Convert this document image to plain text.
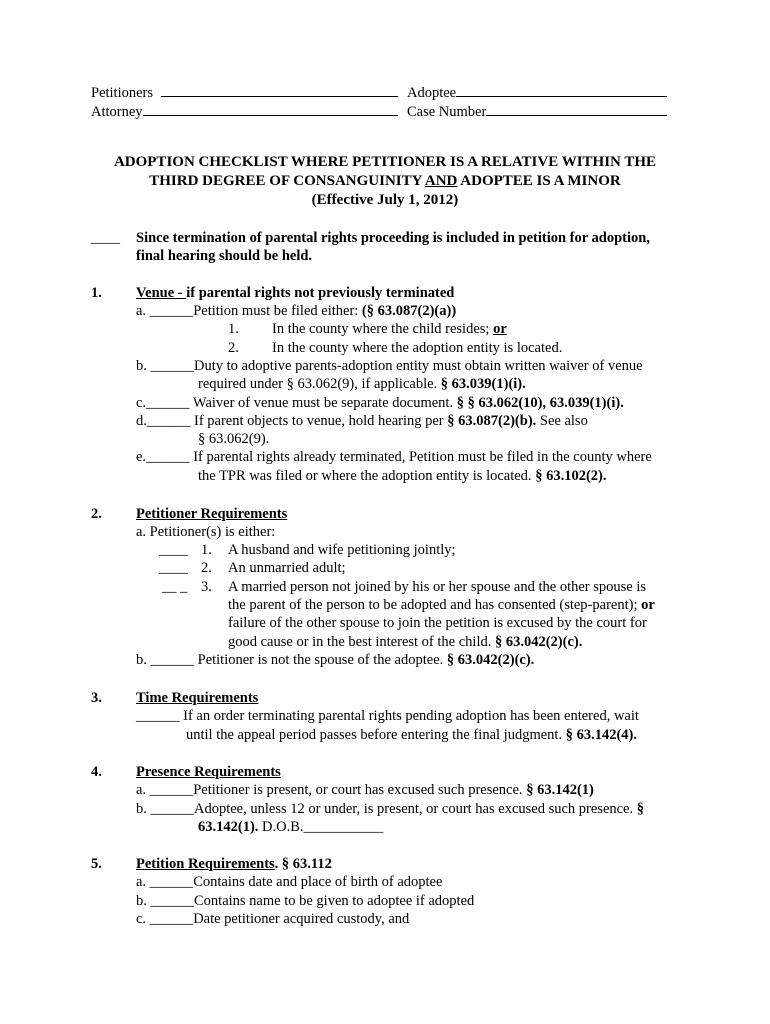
Petitioners	Adoptee
Attorney	Case Number
ADOPTION CHECKLIST WHERE PETITIONER IS A RELATIVE WITHIN THE
THIRD DEGREE OF CONSANGUINITY AND ADOPTEE IS A MINOR
(Effective July 1, 2012)
____ Since termination of parental rights proceeding is included in petition for adoption,
final hearing should be held.
1. Venue - if parental rights not previously terminated
a. ______Petition must be filed either: (§ 63.087(2)(a))
1. In the county where the child resides; or
2. In the county where the adoption entity is located.
b. ______Duty to adoptive parents-adoption entity must obtain written waiver of venue
required under § 63.062(9), if applicable. § 63.039(1)(i).
c.______ Waiver of venue must be separate document. § § 63.062(10), 63.039(1)(i).
d.______ If parent objects to venue, hold hearing per § 63.087(2)(b). See also
§ 63.062(9).
e.______ If parental rights already terminated, Petition must be filed in the county where
the TPR was filed or where the adoption entity is located. § 63.102(2).
2. Petitioner Requirements
a. Petitioner(s) is either:
____ 1. A husband and wife petitioning jointly;
____ 2. An unmarried adult;
__ _ 3. A married person not joined by his or her spouse and the other spouse is
the parent of the person to be adopted and has consented (step-parent); or
failure of the other spouse to join the petition is excused by the court for
good cause or in the best interest of the child. § 63.042(2)(c).
b. ______ Petitioner is not the spouse of the adoptee. § 63.042(2)(c).
3. Time Requirements
______ If an order terminating parental rights pending adoption has been entered, wait
until the appeal period passes before entering the final judgment. § 63.142(4).
4. Presence Requirements
a. ______Petitioner is present, or court has excused such presence. § 63.142(1)
b. ______Adoptee, unless 12 or under, is present, or court has excused such presence. §
63.142(1). D.O.B.___________
5. Petition Requirements. § 63.112
a. ______Contains date and place of birth of adoptee
b. ______Contains name to be given to adoptee if adopted
c. ______Date petitioner acquired custody, and
